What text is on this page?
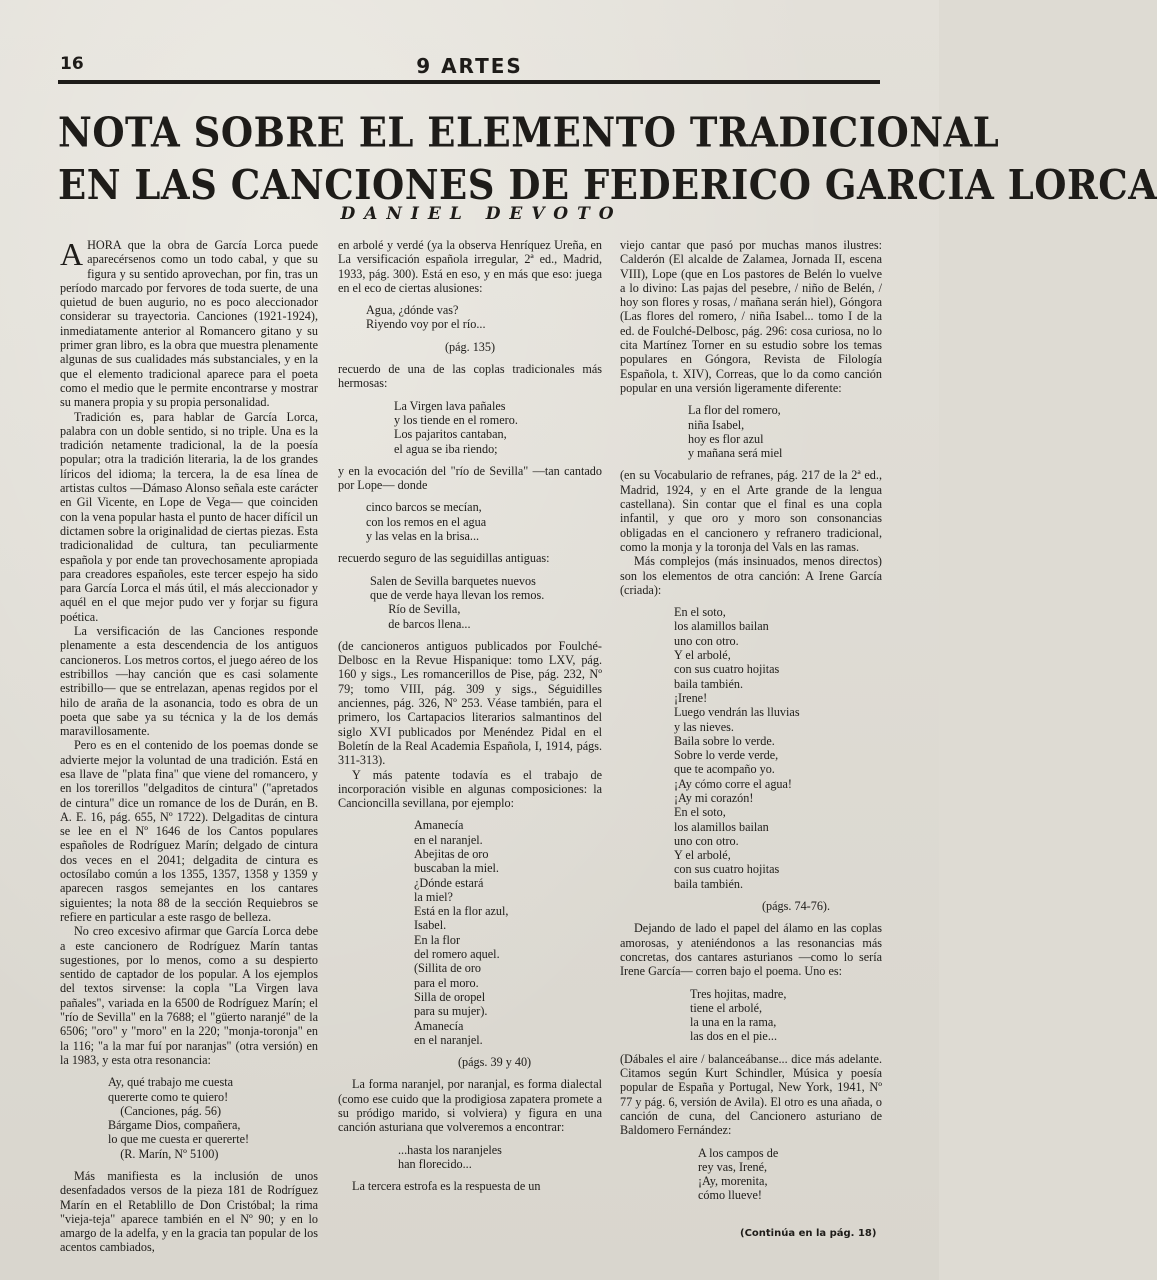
16	9 ARTES
NOTA SOBRE EL ELEMENTO TRADICIONAL
EN LAS CANCIONES DE FEDERICO GARCIA LORCA
DANIEL DEVOTO

AHORA que la obra de García Lorca puede aparecérsenos como un todo cabal, y que su figura y su sentido aprovechan, por fin, tras un período marcado por fervores de toda suerte, de una quietud de buen augurio, no es poco aleccionador considerar su trayectoria. Canciones (1921-1924), inmediatamente anterior al Romancero gitano y su primer gran libro, es la obra que muestra plenamente algunas de sus cualidades más substanciales, y en la que el elemento tradicional aparece para el poeta como el medio que le permite encontrarse y mostrar su manera propia y su propia personalidad.

Tradición es, para hablar de García Lorca, palabra con un doble sentido, si no triple. Una es la tradición netamente tradicional, la de la poesía popular; otra la tradición literaria, la de los grandes líricos del idioma; la tercera, la de esa línea de artistas cultos —Dámaso Alonso señala este carácter en Gil Vicente, en Lope de Vega— que coinciden con la vena popular hasta el punto de hacer difícil un dictamen sobre la originalidad de ciertas piezas. Esta tradicionalidad de cultura, tan peculiarmente española y por ende tan provechosamente apropiada para creadores españoles, este tercer espejo ha sido para García Lorca el más útil, el más aleccionador y aquél en el que mejor pudo ver y forjar su figura poética.

La versificación de las Canciones responde plenamente a esta descendencia de los antiguos cancioneros. Los metros cortos, el juego aéreo de los estribillos —hay canción que es casi solamente estribillo— que se entrelazan, apenas regidos por el hilo de araña de la asonancia, todo es obra de un poeta que sabe ya su técnica y la de los demás maravillosamente.

Pero es en el contenido de los poemas donde se advierte mejor la voluntad de una tradición. Está en esa llave de "plata fina" que viene del romancero, y en los torerillos "delgaditos de cintura" ("apretados de cintura" dice un romance de los de Durán, en B. A. E. 16, pág. 655, Nº 1722). Delgaditas de cintura se lee en el Nº 1646 de los Cantos populares españoles de Rodríguez Marín; delgado de cintura dos veces en el 2041; delgadita de cintura es octosílabo común a los 1355, 1357, 1358 y 1359 y aparecen rasgos semejantes en los cantares siguientes; la nota 88 de la sección Requiebros se refiere en particular a este rasgo de belleza.

No creo excesivo afirmar que García Lorca debe a este cancionero de Rodríguez Marín tantas sugestiones, por lo menos, como a su despierto sentido de captador de los popular. A los ejemplos del textos sirvense: la copla "La Virgen lava pañales", variada en la 6500 de Rodríguez Marín; el "río de Sevilla" en la 7688; el "güerto naranjé" de la 6506; "oro" y "moro" en la 220; "monja-toronja" en la 116; "a la mar fuí por naranjas" (otra versión) en la 1983, y esta otra resonancia:

Ay, qué trabajo me cuesta
quererte como te quiero!
(Canciones, pág. 56)
Bárgame Dios, compañera,
lo que me cuesta er quererte!
(R. Marín, Nº 5100)

Más manifiesta es la inclusión de unos desenfadados versos de la pieza 181 de Rodríguez Marín en el Retablillo de Don Cristóbal; la rima "vieja-teja" aparece también en el Nº 90; y en lo amargo de la adelfa, y en la gracia tan popular de los acentos cambiados,

en arbolé y verdé (ya la observa Henríquez Ureña, en La versificación española irregular, 2ª ed., Madrid, 1933, pág. 300). Está en eso, y en más que eso: juega en el eco de ciertas alusiones:

Agua, ¿dónde vas?
Riyendo voy por el río...
(pág. 135)

recuerdo de una de las coplas tradicionales más hermosas:

La Virgen lava pañales
y los tiende en el romero.
Los pajaritos cantaban,
el agua se iba riendo;

y en la evocación del "río de Sevilla" —tan cantado por Lope— donde

cinco barcos se mecían,
con los remos en el agua
y las velas en la brisa...

recuerdo seguro de las seguidillas antiguas:

Salen de Sevilla barquetes nuevos
que de verde haya llevan los remos.
Río de Sevilla,
de barcos llena...

(de cancioneros antiguos publicados por Foulché-Delbosc en la Revue Hispanique: tomo LXV, pág. 160 y sigs., Les romancerillos de Pise, pág. 232, Nº 79; tomo VIII, pág. 309 y sigs., Séguidilles anciennes, pág. 326, Nº 253. Véase también, para el primero, los Cartapacios literarios salmantinos del siglo XVI publicados por Menéndez Pidal en el Boletín de la Real Academia Española, I, 1914, págs. 311-313).

Y más patente todavía es el trabajo de incorporación visible en algunas composiciones: la Cancioncilla sevillana, por ejemplo:

Amanecía
en el naranjel.
Abejitas de oro
buscaban la miel.
¿Dónde estará
la miel?
Está en la flor azul,
Isabel.
En la flor
del romero aquel.
(Sillita de oro
para el moro.
Silla de oropel
para su mujer).
Amanecía
en el naranjel.
(págs. 39 y 40)

La forma naranjel, por naranjal, es forma dialectal (como ese cuido que la prodigiosa zapatera promete a su pródigo marido, si volviera) y figura en una canción asturiana que volveremos a encontrar:

...hasta los naranjeles
han florecido...

La tercera estrofa es la respuesta de un

viejo cantar que pasó por muchas manos ilustres: Calderón (El alcalde de Zalamea, Jornada II, escena VIII), Lope (que en Los pastores de Belén lo vuelve a lo divino: Las pajas del pesebre, / niño de Belén, / hoy son flores y rosas, / mañana serán hiel), Góngora (Las flores del romero, / niña Isabel... tomo I de la ed. de Foulché-Delbosc, pág. 296: cosa curiosa, no lo cita Martínez Torner en su estudio sobre los temas populares en Góngora, Revista de Filología Española, t. XIV), Correas, que lo da como canción popular en una versión ligeramente diferente:

La flor del romero,
niña Isabel,
hoy es flor azul
y mañana será miel

(en su Vocabulario de refranes, pág. 217 de la 2ª ed., Madrid, 1924, y en el Arte grande de la lengua castellana). Sin contar que el final es una copla infantil, y que oro y moro son consonancias obligadas en el cancionero y refranero tradicional, como la monja y la toronja del Vals en las ramas.

Más complejos (más insinuados, menos directos) son los elementos de otra canción: A Irene García (criada):

En el soto,
los alamillos bailan
uno con otro.
Y el arbolé,
con sus cuatro hojitas
baila también.
¡Irene!
Luego vendrán las lluvias
y las nieves.
Baila sobre lo verde.
Sobre lo verde verde,
que te acompaño yo.
¡Ay cómo corre el agua!
¡Ay mi corazón!
En el soto,
los alamillos bailan
uno con otro.
Y el arbolé,
con sus cuatro hojitas
baila también.
(págs. 74-76).

Dejando de lado el papel del álamo en las coplas amorosas, y ateniéndonos a las resonancias más concretas, dos cantares asturianos —como lo sería Irene García— corren bajo el poema. Uno es:

Tres hojitas, madre,
tiene el arbolé,
la una en la rama,
las dos en el pie...

(Dábales el aire / balanceábanse... dice más adelante. Citamos según Kurt Schindler, Música y poesía popular de España y Portugal, New York, 1941, Nº 77 y pág. 6, versión de Avila). El otro es una añada, o canción de cuna, del Cancionero asturiano de Baldomero Fernández:

A los campos de
rey vas, Irené,
¡Ay, morenita,
cómo llueve!
(Continúa en la pág. 18)
